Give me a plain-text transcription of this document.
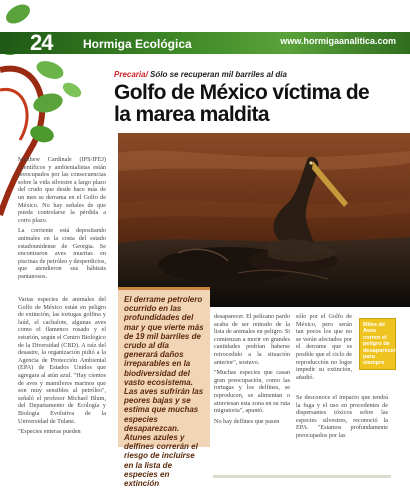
24	Hormiga Ecológica	www.hormigaanalitica.com
Precaria/ Sólo se recuperan mil barriles al día
Golfo de México víctima de la marea maldita

Matthew Cardinale (IPS/IFEJ) Científicos y ambientalistas están preocupados por las consecuencias sobre la vida silvestre a largo plazo del crudo que desde hace más de un mes se derrama en el Golfo de México. No hay señales de que pueda controlarse la pérdida a corto plazo.

La corriente está depositando animales en la costa del estado estadounidense de Georgia. Se encontraron aves muertas en piscinas de petróleo y desperdicios, que atendieron sus hábitats pantanosos.

Varias especies de animales del Golfo de México están en peligro de extinción, las tortugas golfina y laúd, el cachalote, algunas aves como el flamenco rosado y el esturión, según el Centro Biológico de la Diversidad (CBD). A raíz del desastre, la organización pidió a la Agencia de Protección Ambiental (EPA) de Estados Unidos que agregara al atún azul. "Hay cientos de aves y mamíferos marinos que son muy sensibles al petróleo", señaló el profesor Michael Blum, del Departamento de Ecología y Biología Evolutiva de la Universidad de Tulane.

"Especies enteras pueden

El derrame petrolero ocurrido en las profundidades del mar y que vierte más de 19 mil barriles de crudo al día generará daños irreparables en la biodiversidad del vasto ecosistema. Las aves sufrirán las peores bajas y se estima que muchas especies desaparezcan. Atunes azules y delfines correrán el riesgo de incluirse en la lista de especies en extinción

desaparecer. El pelícano pardo acaba de ser retirado de la lista de animales en peligro. Si comienzan a morir en grandes cantidades podrían haberse retrocedido a la situación anterior", sostuvo.

"Muchas especies que casan gran preocupación, como las tortugas y los delfines, se reproducen, se alimentan o atraviesan esta zona en su ruta migratoria", apuntó.

No hay delfines que pasen

sólo por el Golfo de México, pero serán tan pocos los que no se verán afectados por el derrame que es posible que el ciclo de reproducción no logre impedir su extinción, añadió.

Se desconoce el impacto que tendrá la fuga y el uso en procedentes de dispersantes tóxicos sobre las especies silvestres, reconoció la EPA. "Estamos profundamente preocupados por las

Miles de Aves corren el peligro de desaparecer para siempre
